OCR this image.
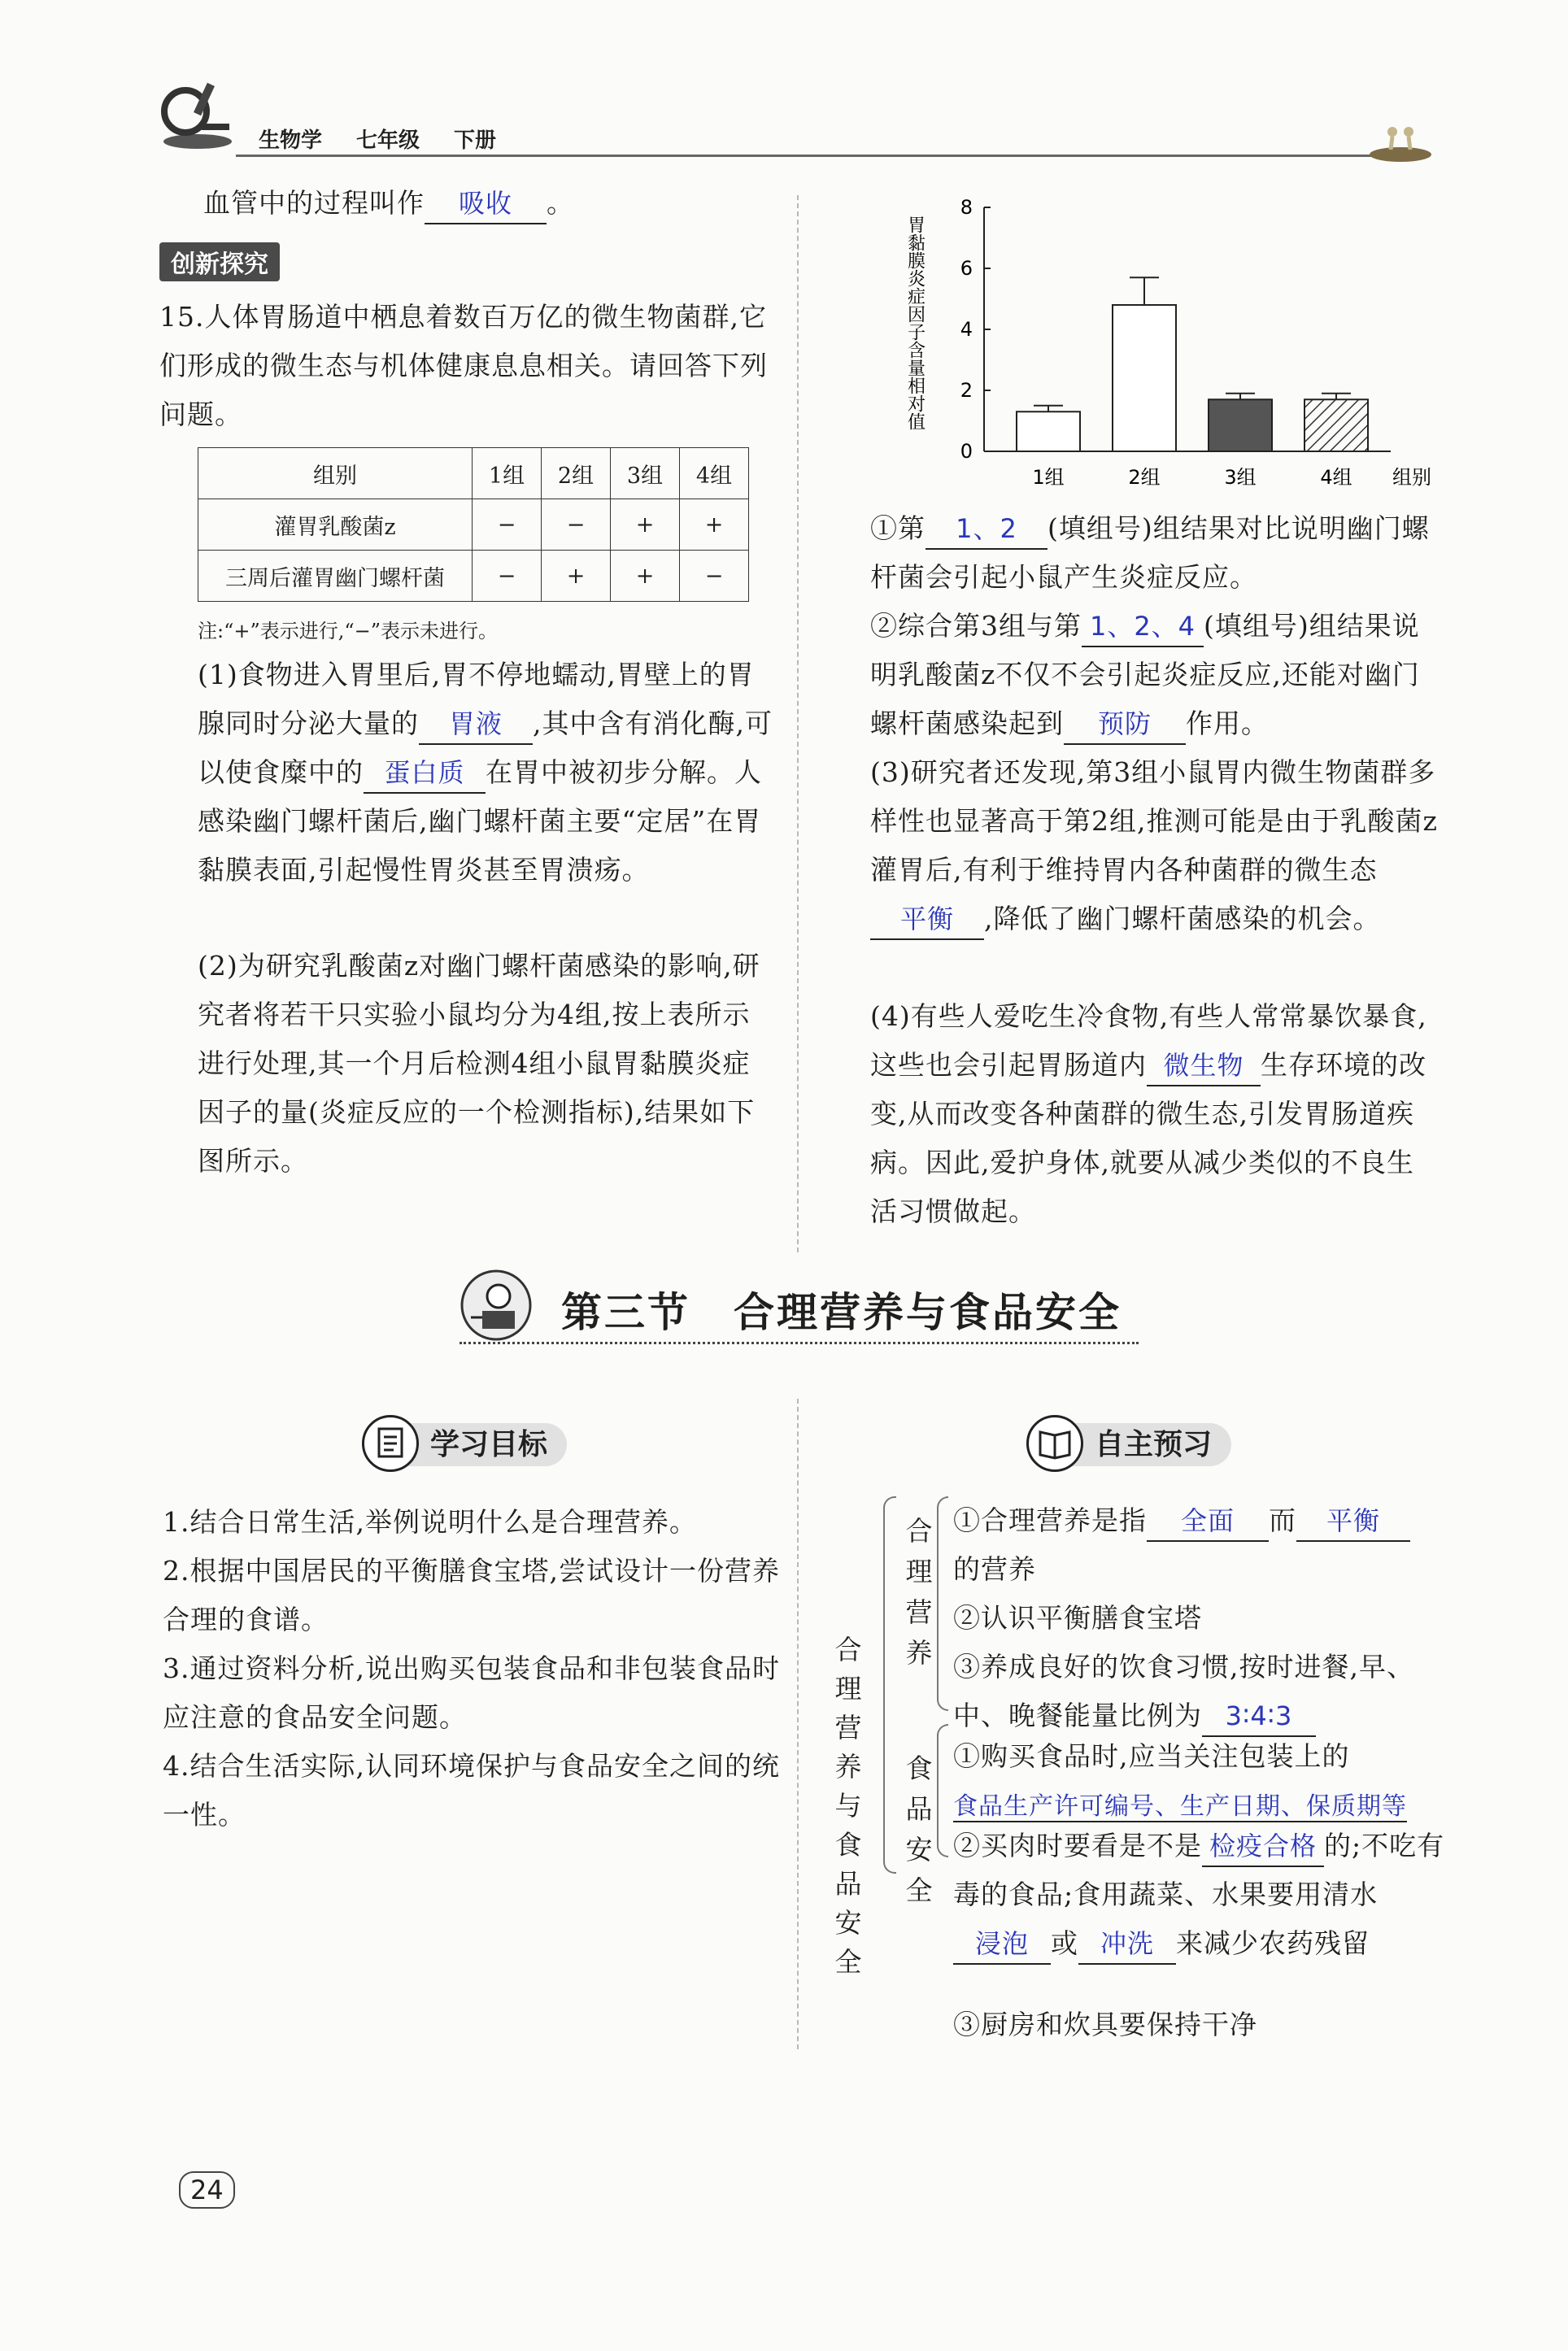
生物学 七年级 下册
血管中的过程叫作 吸收 。
创新探究
15.人体胃肠道中栖息着数百万亿的微生物菌群,它们形成的微生态与机体健康息息相关。请回答下列问题。
组别	1组	2组	3组	4组
灌胃乳酸菌z	−	−	+	+
三周后灌胃幽门螺杆菌	−	+	+	−
注:“+”表示进行,“−”表示未进行。
(1)食物进入胃里后,胃不停地蠕动,胃壁上的胃腺同时分泌大量的 胃液 ,其中含有消化酶,可以使食糜中的 蛋白质 在胃中被初步分解。人感染幽门螺杆菌后,幽门螺杆菌主要“定居”在胃黏膜表面,引起慢性胃炎甚至胃溃疡。
(2)为研究乳酸菌z对幽门螺杆菌感染的影响,研究者将若干只实验小鼠均分为4组,按上表所示进行处理,其一个月后检测4组小鼠胃黏膜炎症因子的量(炎症反应的一个检测指标),结果如下图所示。
0
2
4
6
8
胃黏膜炎症因子含量相对值
1组	2组	3组	4组 组别
①第 1、2 (填组号)组结果对比说明幽门螺杆菌会引起小鼠产生炎症反应。
②综合第3组与第 1、2、4 (填组号)组结果说明乳酸菌z不仅不会引起炎症反应,还能对幽门螺杆菌感染起到 预防 作用。
(3)研究者还发现,第3组小鼠胃内微生物菌群多样性也显著高于第2组,推测可能是由于乳酸菌z灌胃后,有利于维持胃内各种菌群的微生态平衡 ,降低了幽门螺杆菌感染的机会。
(4)有些人爱吃生冷食物,有些人常常暴饮暴食,这些也会引起胃肠道内 微生物 生存环境的改变,从而改变各种菌群的微生态,引发胃肠道疾病。因此,爱护身体,就要从减少类似的不良生活习惯做起。
第三节　合理营养与食品安全
学习目标
1.结合日常生活,举例说明什么是合理营养。
2.根据中国居民的平衡膳食宝塔,尝试设计一份营养合理的食谱。
3.通过资料分析,说出购买包装食品和非包装食品时应注意的食品安全问题。
4.结合生活实际,认同环境保护与食品安全之间的统一性。
自主预习
合理营养与食品安全
合理营养
食品安全
①合理营养是指 全面 而 平衡
的营养
②认识平衡膳食宝塔
③养成良好的饮食习惯,按时进餐,早、中、晚餐能量比例为 3∶4∶3
①购买食品时,应当关注包装上的
食品生产许可编号、生产日期、保质期等
②买肉时要看是不是 检疫合格 的;不吃有毒的食品;食用蔬菜、水果要用清水浸泡 或 冲洗 来减少农药残留
③厨房和炊具要保持干净
24
